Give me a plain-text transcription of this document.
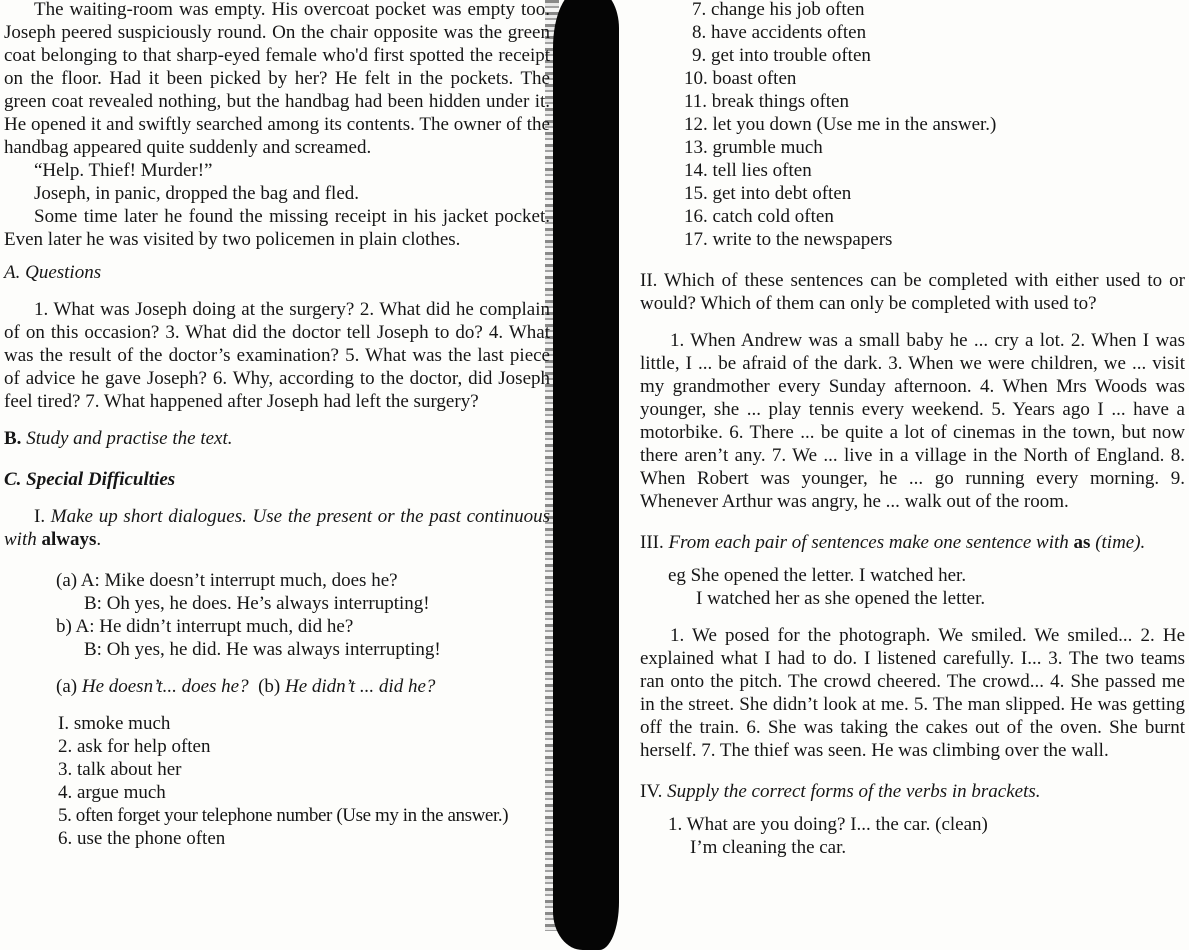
The waiting-room was empty. His overcoat pocket was empty too. Joseph peered suspiciously round. On the chair opposite was the green coat belonging to that sharp-eyed female who'd first spotted the receipt on the floor. Had it been picked by her? He felt in the pockets. The green coat revealed nothing, but the handbag had been hidden under it. He opened it and swiftly searched among its contents. The owner of the handbag appeared quite suddenly and screamed.

“Help. Thief! Murder!”

Joseph, in panic, dropped the bag and fled.

Some time later he found the missing receipt in his jacket pocket. Even later he was visited by two policemen in plain clothes.

A. Questions

1. What was Joseph doing at the surgery? 2. What did he complain of on this occasion? 3. What did the doctor tell Joseph to do? 4. What was the result of the doctor’s examination? 5. What was the last piece of advice he gave Joseph? 6. Why, according to the doctor, did Joseph feel tired? 7. What happened after Joseph had left the surgery?

B. Study and practise the text.

C. Special Difficulties

I. Make up short dialogues. Use the present or the past continuous with always.

(a) A: Mike doesn’t interrupt much, does he?

B: Oh yes, he does. He’s always interrupting!

b) A: He didn’t interrupt much, did he?

B: Oh yes, he did. He was always interrupting!

(a) He doesn’t... does he? (b) He didn’t ... did he?

I. smoke much

2. ask for help often

3. talk about her

4. argue much

5. often forget your telephone number (Use my in the answer.)

6. use the phone often

7. change his job often

8. have accidents often

9. get into trouble often

10. boast often

11. break things often

12. let you down (Use me in the answer.)

13. grumble much

14. tell lies often

15. get into debt often

16. catch cold often

17. write to the newspapers

II. Which of these sentences can be completed with either used to or would? Which of them can only be completed with used to?

1. When Andrew was a small baby he ... cry a lot. 2. When I was little, I ... be afraid of the dark. 3. When we were children, we ... visit my grandmother every Sunday afternoon. 4. When Mrs Woods was younger, she ... play tennis every weekend. 5. Years ago I ... have a motorbike. 6. There ... be quite a lot of cinemas in the town, but now there aren’t any. 7. We ... live in a village in the North of England. 8. When Robert was younger, he ... go running every morning. 9. Whenever Arthur was angry, he ... walk out of the room.

III. From each pair of sentences make one sentence with as (time).

eg She opened the letter. I watched her.

I watched her as she opened the letter.

1. We posed for the photograph. We smiled. We smiled... 2. He explained what I had to do. I listened carefully. I... 3. The two teams ran onto the pitch. The crowd cheered. The crowd... 4. She passed me in the street. She didn’t look at me. 5. The man slipped. He was getting off the train. 6. She was taking the cakes out of the oven. She burnt herself. 7. The thief was seen. He was climbing over the wall.

IV. Supply the correct forms of the verbs in brackets.

1. What are you doing? I... the car. (clean)

I’m cleaning the car.
